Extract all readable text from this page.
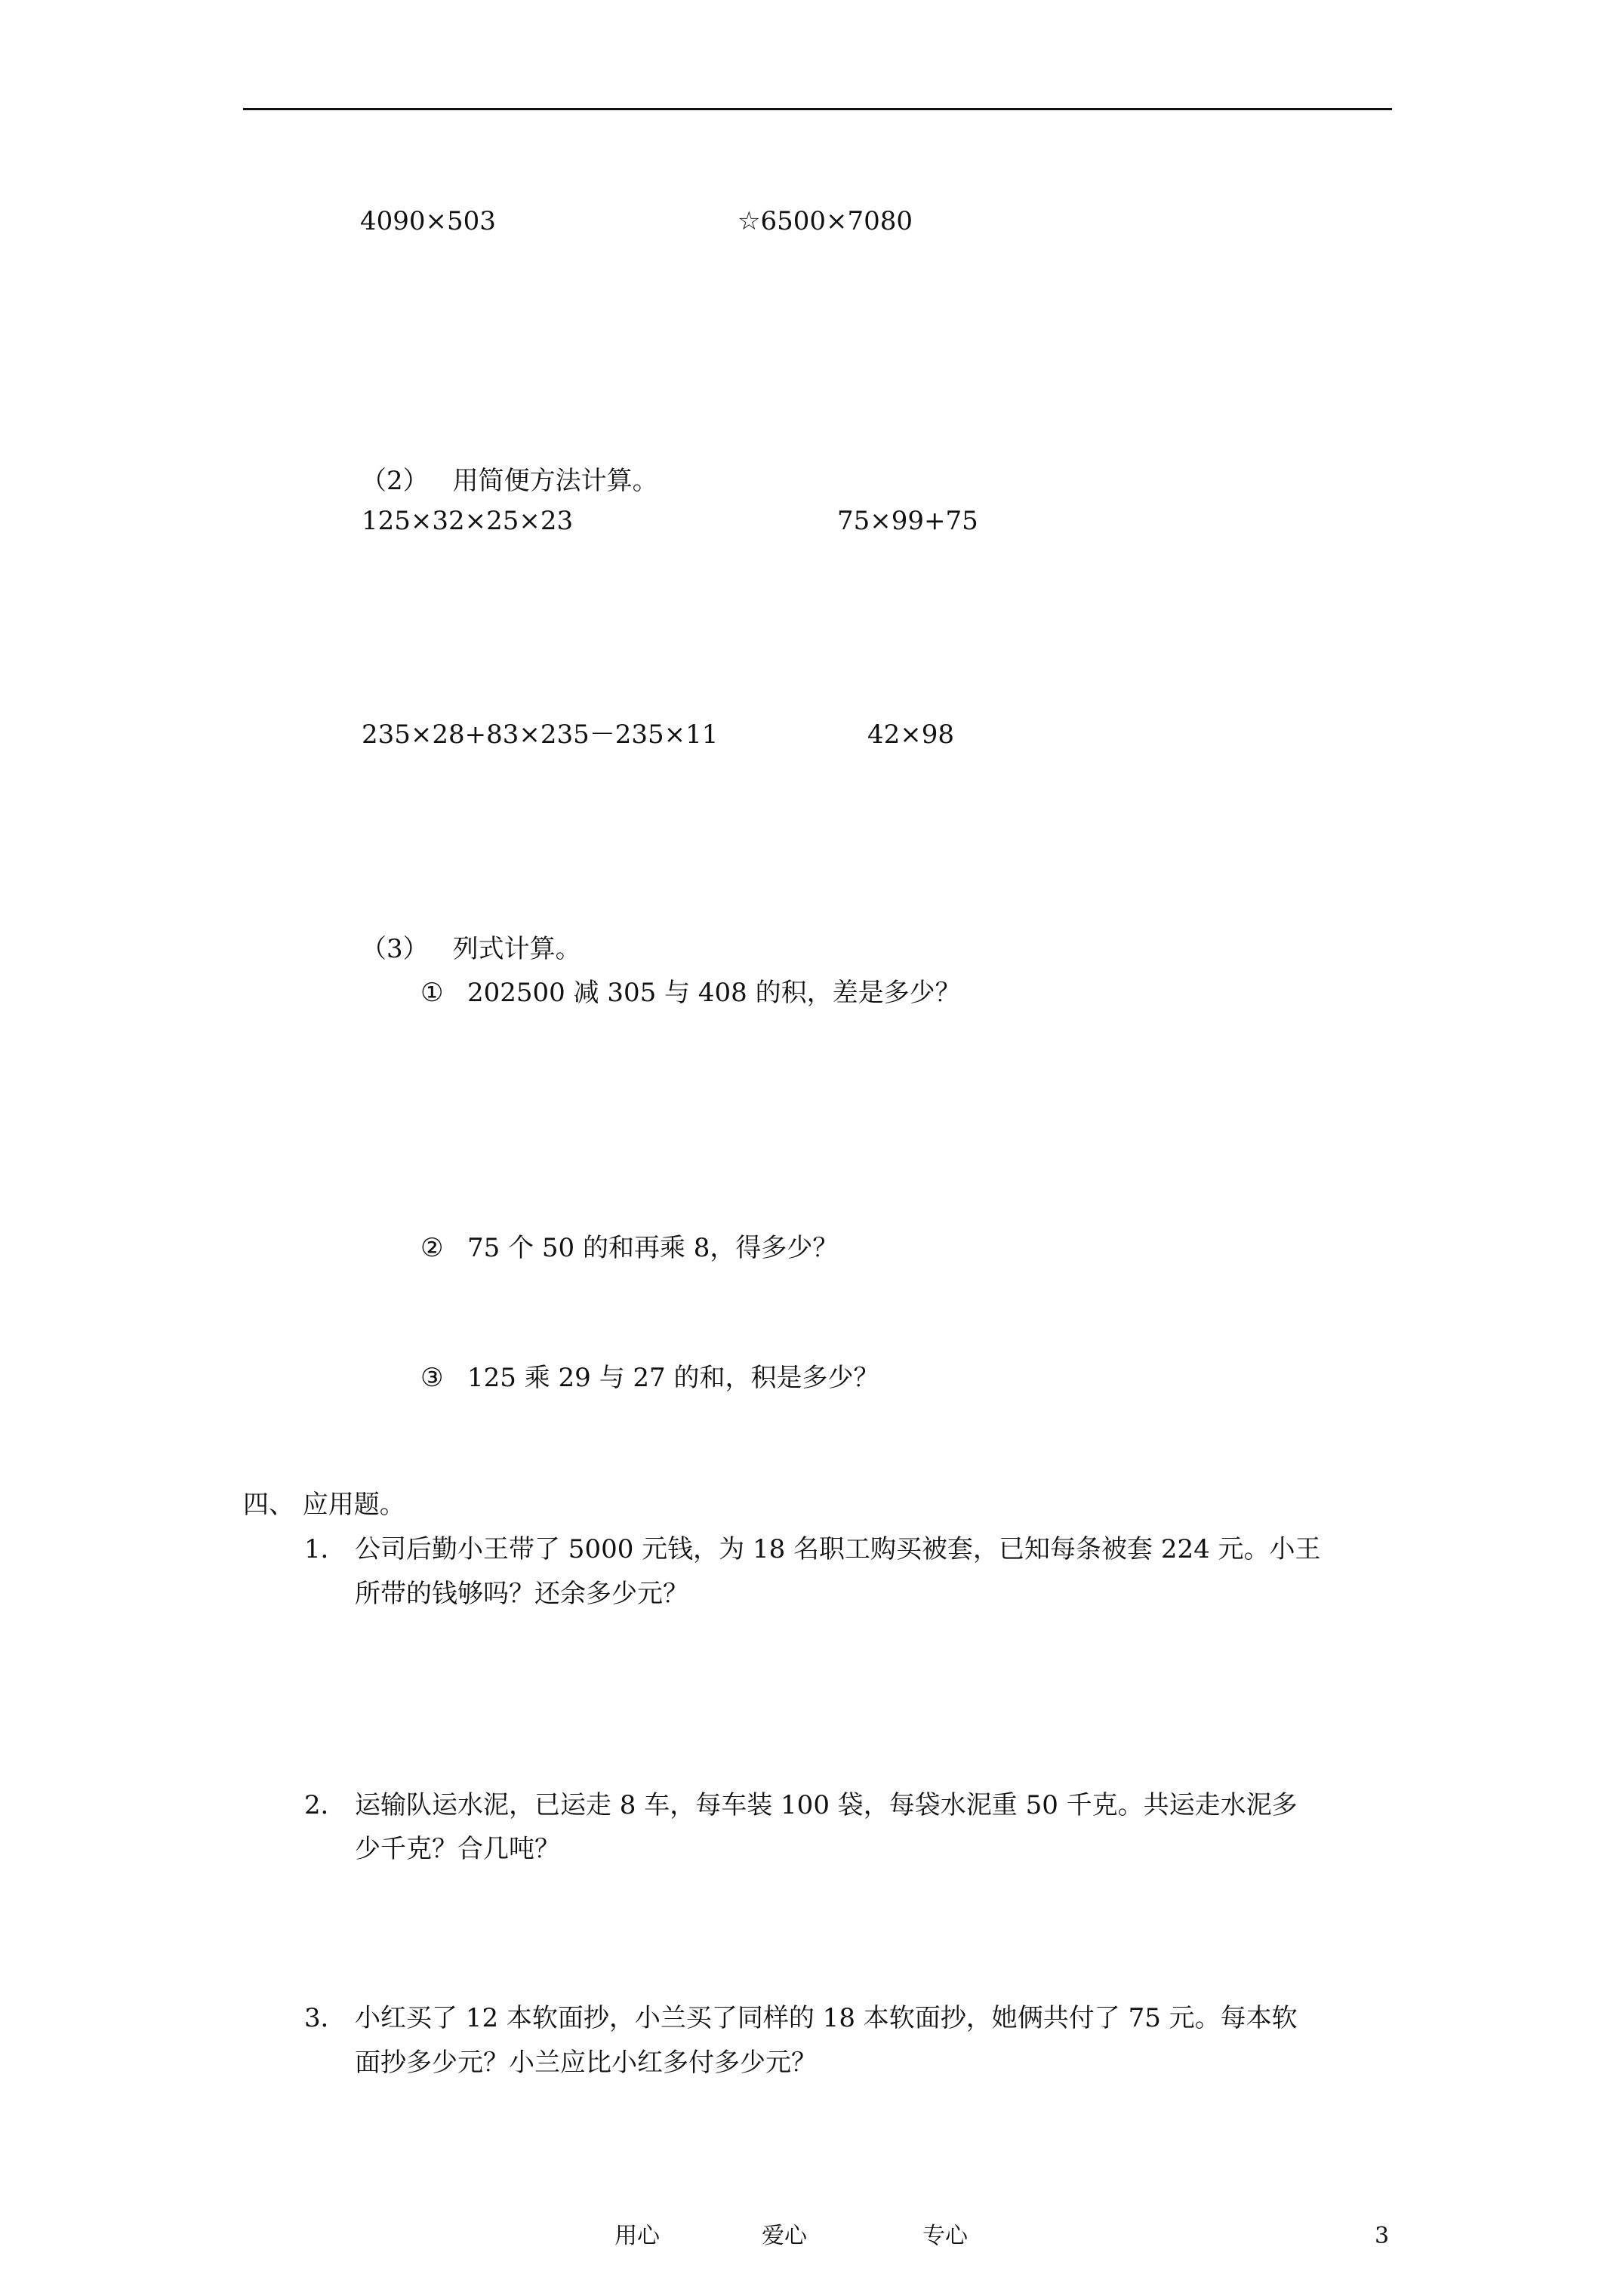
4090×503	☆6500×7080
（2） 用简便方法计算。
125×32×25×23	75×99+75
235×28+83×235－235×11	42×98
（3） 列式计算。
① 202500 减 305 与 408 的积，差是多少？
② 75 个 50 的和再乘 8，得多少？
③ 125 乘 29 与 27 的和，积是多少？
四、 应用题。
1． 公司后勤小王带了 5000 元钱，为 18 名职工购买被套，已知每条被套 224 元。小王
所带的钱够吗？还余多少元？
2． 运输队运水泥，已运走 8 车，每车装 100 袋，每袋水泥重 50 千克。共运走水泥多
少千克？合几吨？
3． 小红买了 12 本软面抄，小兰买了同样的 18 本软面抄，她俩共付了 75 元。每本软
面抄多少元？小兰应比小红多付多少元？
用心	爱心	专心	3
